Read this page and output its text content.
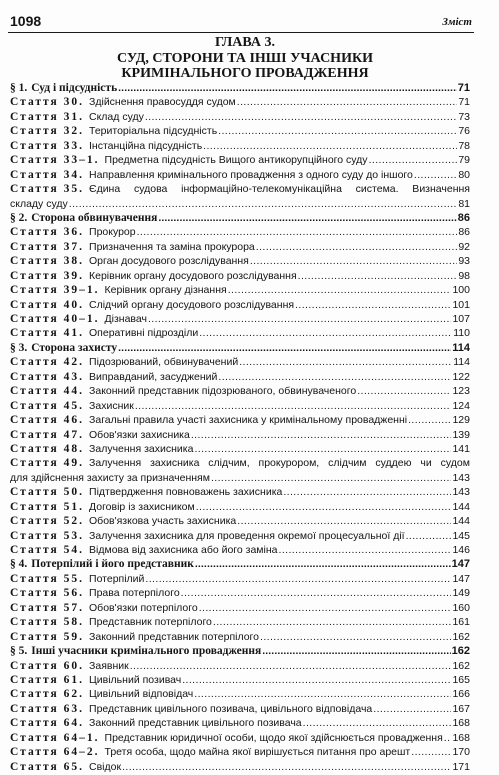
1098	Зміст
ГЛАВА 3.
СУД, СТОРОНИ ТА ІНШІ УЧАСНИКИ
КРИМІНАЛЬНОГО ПРОВАДЖЕННЯ
§ 1. Суд і підсудність .....	71
Стаття 30. Здійснення правосуддя судом .....	71
Стаття 31. Склад суду .....	73
Стаття 32. Територіальна підсудність .....	76
Стаття 33. Інстанційна підсудність .....	78
Стаття 33–1. Предметна підсудність Вищого антикорупційного суду .....	79
Стаття 34. Направлення кримінального провадження з одного суду до іншого .....	80
Стаття 35. Єдина судова інформаційно-телекомунікаційна система. Визначення
складу суду .....	81
§ 2. Сторона обвинувачення .....	86
Стаття 36. Прокурор .....	86
Стаття 37. Призначення та заміна прокурора .....	92
Стаття 38. Орган досудового розслідування .....	93
Стаття 39. Керівник органу досудового розслідування .....	98
Стаття 39–1. Керівник органу дізнання .....	100
Стаття 40. Слідчий органу досудового розслідування .....	101
Стаття 40–1. Дізнавач .....	107
Стаття 41. Оперативні підрозділи .....	110
§ 3. Сторона захисту .....	114
Стаття 42. Підозрюваний, обвинувачений .....	114
Стаття 43. Виправданий, засуджений .....	122
Стаття 44. Законний представник підозрюваного, обвинуваченого .....	123
Стаття 45. Захисник .....	124
Стаття 46. Загальні правила участі захисника у кримінальному провадженні .....	129
Стаття 47. Обов'язки захисника .....	139
Стаття 48. Залучення захисника .....	141
Стаття 49. Залучення захисника слідчим, прокурором, слідчим суддею чи судом
для здійснення захисту за призначенням .....	143
Стаття 50. Підтвердження повноважень захисника .....	143
Стаття 51. Договір із захисником .....	144
Стаття 52. Обов'язкова участь захисника .....	144
Стаття 53. Залучення захисника для проведення окремої процесуальної дії .....	145
Стаття 54. Відмова від захисника або його заміна .....	146
§ 4. Потерпілий і його представник .....	147
Стаття 55. Потерпілий .....	147
Стаття 56. Права потерпілого .....	149
Стаття 57. Обов'язки потерпілого .....	160
Стаття 58. Представник потерпілого .....	161
Стаття 59. Законний представник потерпілого .....	162
§ 5. Інші учасники кримінального провадження .....	162
Стаття 60. Заявник .....	162
Стаття 61. Цивільний позивач .....	165
Стаття 62. Цивільний відповідач .....	166
Стаття 63. Представник цивільного позивача, цивільного відповідача .....	167
Стаття 64. Законний представник цивільного позивача .....	168
Стаття 64–1. Представник юридичної особи, щодо якої здійснюється провадження ..... 168
Стаття 64–2. Третя особа, щодо майна якої вирішується питання про арешт .....	170
Стаття 65. Свідок .....	171
